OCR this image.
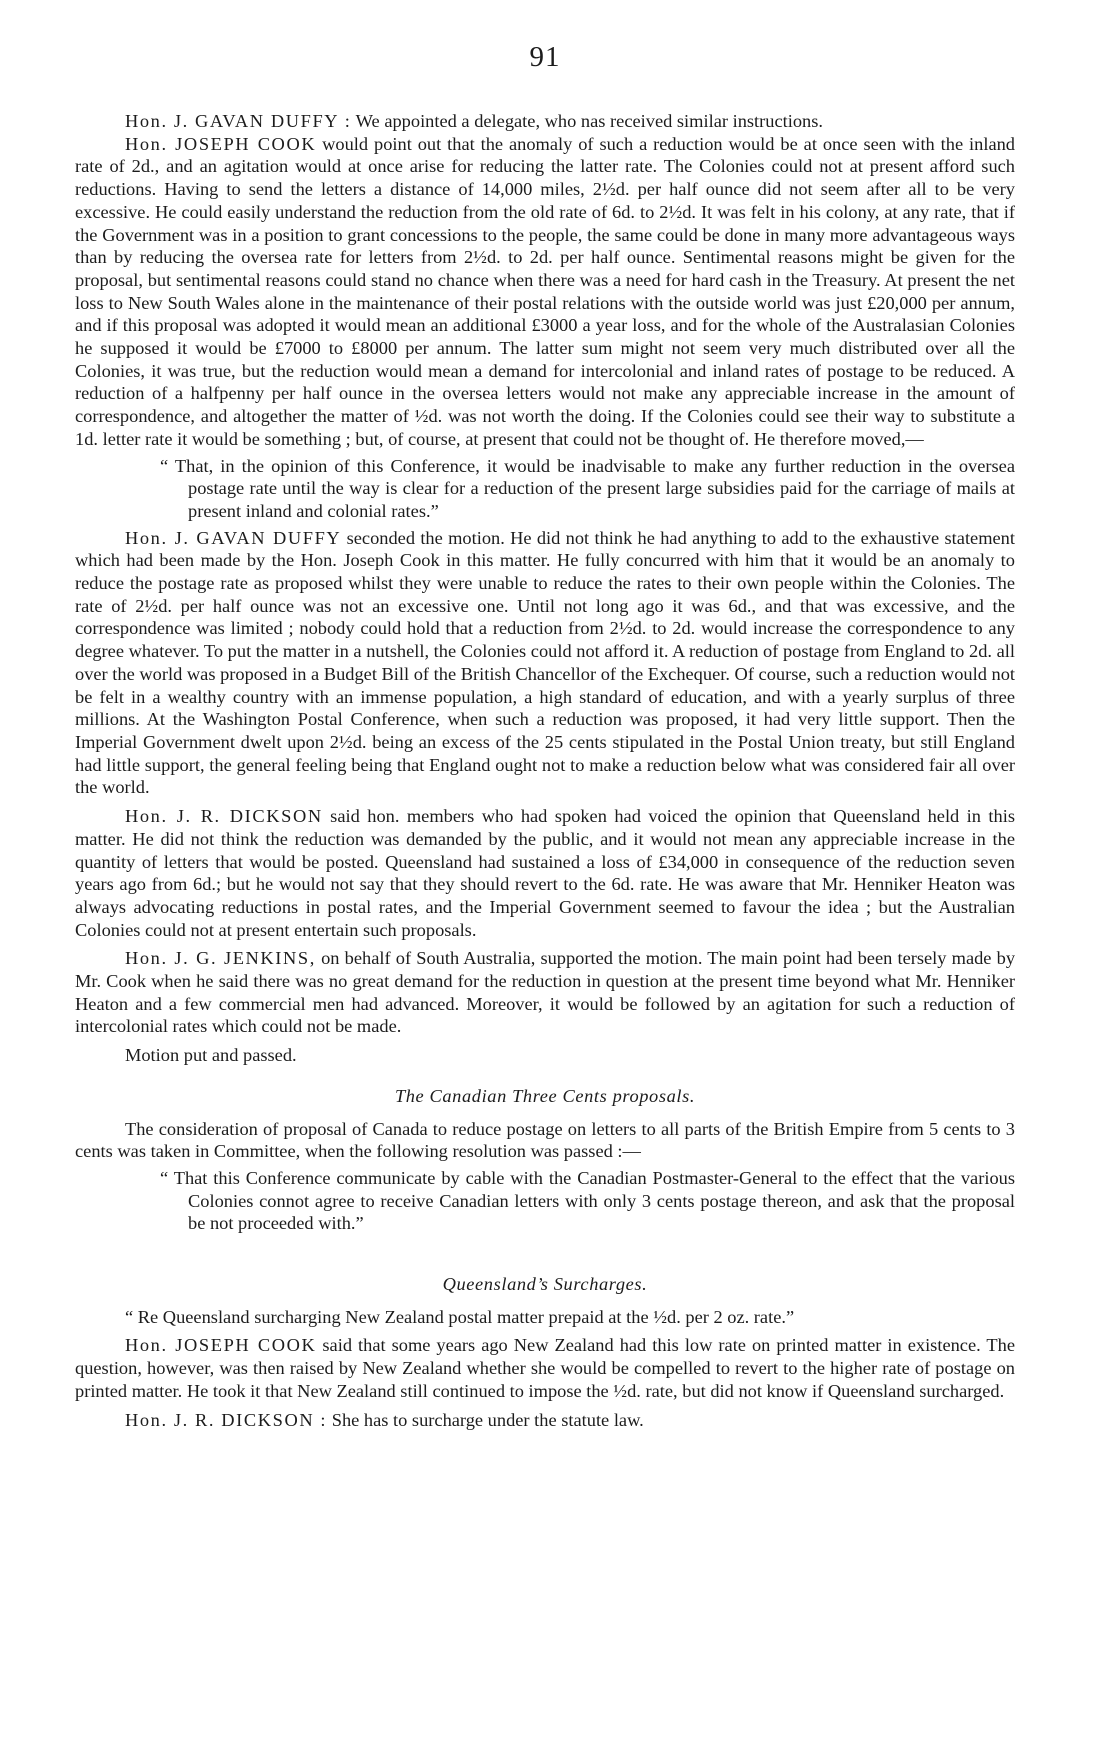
91

Hon. J. GAVAN DUFFY : We appointed a delegate, who nas received similar instructions.

Hon. JOSEPH COOK would point out that the anomaly of such a reduction would be at once seen with the inland rate of 2d., and an agitation would at once arise for reducing the latter rate. The Colonies could not at present afford such reductions. Having to send the letters a distance of 14,000 miles, 2½d. per half ounce did not seem after all to be very excessive. He could easily understand the reduction from the old rate of 6d. to 2½d. It was felt in his colony, at any rate, that if the Government was in a position to grant concessions to the people, the same could be done in many more advantageous ways than by reducing the oversea rate for letters from 2½d. to 2d. per half ounce. Sentimental reasons might be given for the proposal, but sentimental reasons could stand no chance when there was a need for hard cash in the Treasury. At present the net loss to New South Wales alone in the maintenance of their postal relations with the outside world was just £20,000 per annum, and if this proposal was adopted it would mean an additional £3000 a year loss, and for the whole of the Australasian Colonies he supposed it would be £7000 to £8000 per annum. The latter sum might not seem very much distributed over all the Colonies, it was true, but the reduction would mean a demand for intercolonial and inland rates of postage to be reduced. A reduction of a halfpenny per half ounce in the oversea letters would not make any appreciable increase in the amount of correspondence, and altogether the matter of ½d. was not worth the doing. If the Colonies could see their way to substitute a 1d. letter rate it would be something ; but, of course, at present that could not be thought of. He therefore moved,—

“ That, in the opinion of this Conference, it would be inadvisable to make any further reduction in the oversea postage rate until the way is clear for a reduction of the present large subsidies paid for the carriage of mails at present inland and colonial rates.”

Hon. J. GAVAN DUFFY seconded the motion. He did not think he had anything to add to the exhaustive statement which had been made by the Hon. Joseph Cook in this matter. He fully concurred with him that it would be an anomaly to reduce the postage rate as proposed whilst they were unable to reduce the rates to their own people within the Colonies. The rate of 2½d. per half ounce was not an excessive one. Until not long ago it was 6d., and that was excessive, and the correspondence was limited ; nobody could hold that a reduction from 2½d. to 2d. would increase the correspondence to any degree whatever. To put the matter in a nutshell, the Colonies could not afford it. A reduction of postage from England to 2d. all over the world was proposed in a Budget Bill of the British Chancellor of the Exchequer. Of course, such a reduction would not be felt in a wealthy country with an immense population, a high standard of education, and with a yearly surplus of three millions. At the Washington Postal Conference, when such a reduction was proposed, it had very little support. Then the Imperial Government dwelt upon 2½d. being an excess of the 25 cents stipulated in the Postal Union treaty, but still England had little support, the general feeling being that England ought not to make a reduction below what was considered fair all over the world.

Hon. J. R. DICKSON said hon. members who had spoken had voiced the opinion that Queensland held in this matter. He did not think the reduction was demanded by the public, and it would not mean any appreciable increase in the quantity of letters that would be posted. Queensland had sustained a loss of £34,000 in consequence of the reduction seven years ago from 6d.; but he would not say that they should revert to the 6d. rate. He was aware that Mr. Henniker Heaton was always advocating reductions in postal rates, and the Imperial Government seemed to favour the idea ; but the Australian Colonies could not at present entertain such proposals.

Hon. J. G. JENKINS, on behalf of South Australia, supported the motion. The main point had been tersely made by Mr. Cook when he said there was no great demand for the reduction in question at the present time beyond what Mr. Henniker Heaton and a few commercial men had advanced. Moreover, it would be followed by an agitation for such a reduction of intercolonial rates which could not be made.

Motion put and passed.

The Canadian Three Cents proposals.

The consideration of proposal of Canada to reduce postage on letters to all parts of the British Empire from 5 cents to 3 cents was taken in Committee, when the following resolution was passed :—

“ That this Conference communicate by cable with the Canadian Postmaster-General to the effect that the various Colonies connot agree to receive Canadian letters with only 3 cents postage thereon, and ask that the proposal be not proceeded with.”
Queensland’s Surcharges.

“ Re Queensland surcharging New Zealand postal matter prepaid at the ½d. per 2 oz. rate.”

Hon. JOSEPH COOK said that some years ago New Zealand had this low rate on printed matter in existence. The question, however, was then raised by New Zealand whether she would be compelled to revert to the higher rate of postage on printed matter. He took it that New Zealand still continued to impose the ½d. rate, but did not know if Queensland surcharged.

Hon. J. R. DICKSON : She has to surcharge under the statute law.
